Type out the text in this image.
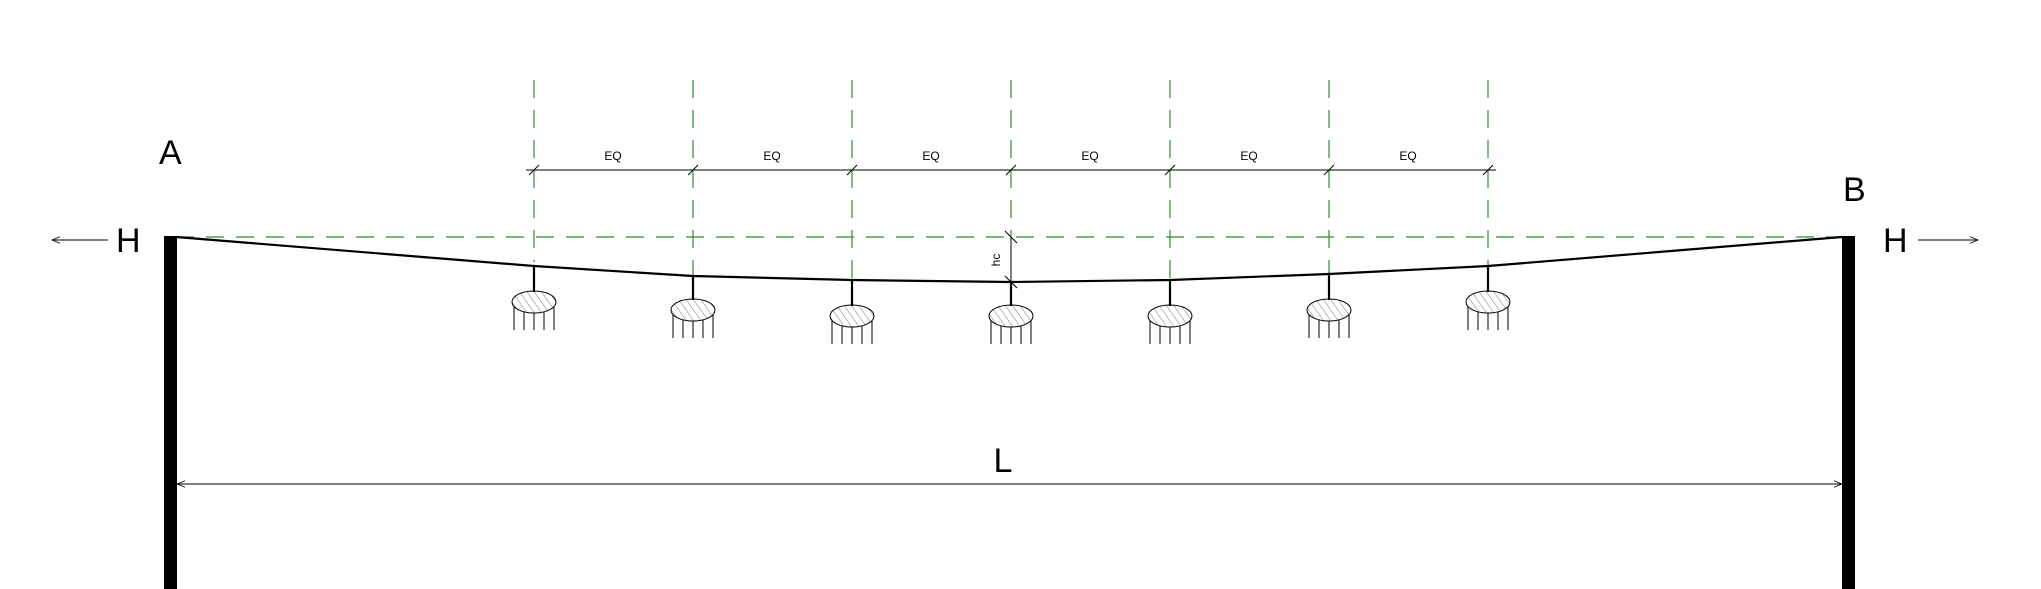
EQ	EQ	EQ	EQ	EQ	EQ
hc
H	H
A
B
L
